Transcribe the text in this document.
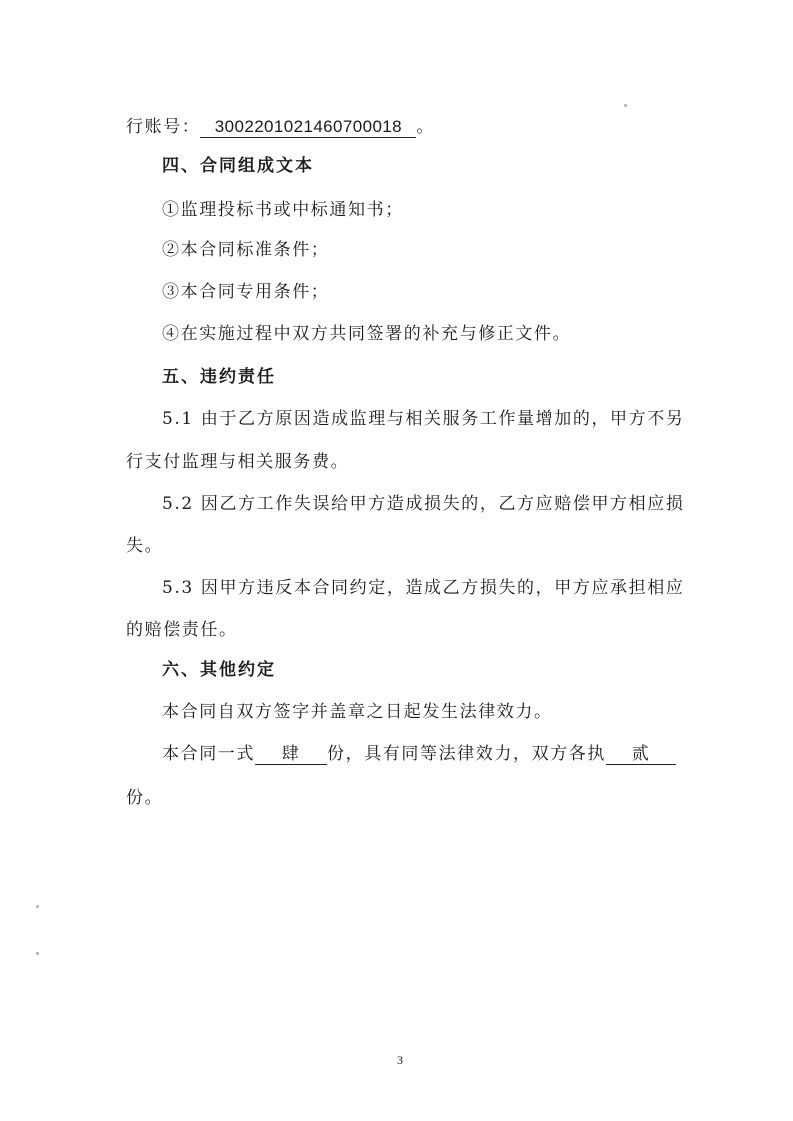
行账号： 3002201021460700018 。
四、合同组成文本
①监理投标书或中标通知书；
②本合同标准条件；
③本合同专用条件；
④在实施过程中双方共同签署的补充与修正文件。
五、违约责任
5.1 由于乙方原因造成监理与相关服务工作量增加的，甲方不另
行支付监理与相关服务费。
5.2 因乙方工作失误给甲方造成损失的，乙方应赔偿甲方相应损
失。
5.3 因甲方违反本合同约定，造成乙方损失的，甲方应承担相应
的赔偿责任。
六、其他约定
本合同自双方签字并盖章之日起发生法律效力。
本合同一式 肆 份，具有同等法律效力，双方各执 贰
份。
3
